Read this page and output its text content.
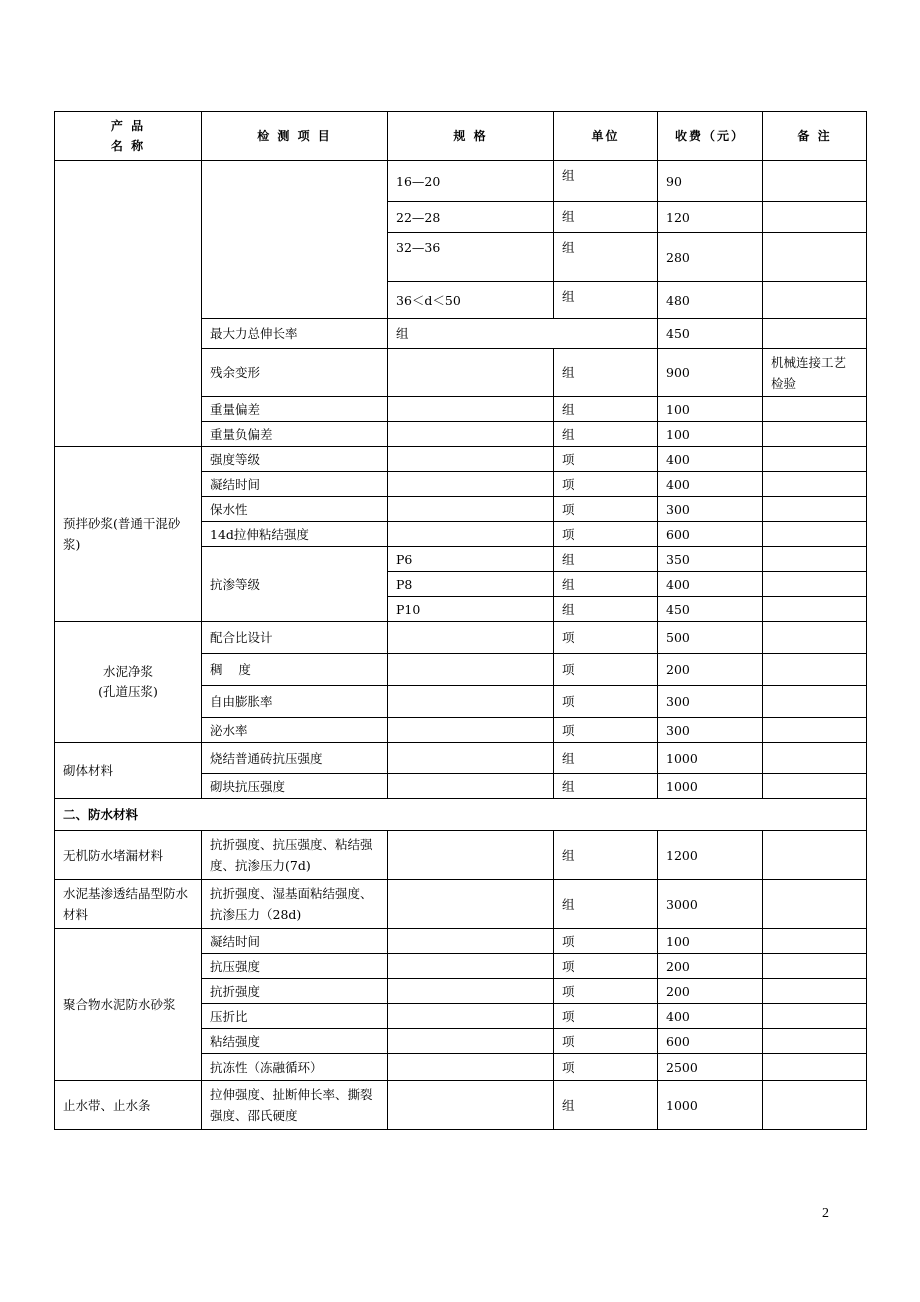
产 品
名 称	检 测 项 目	规 格	单位	收费（元）	备 注
		16—20	组	90	
		22—28	组	120	
		32—36	组	280	
		36＜d＜50	组	480	
	最大力总伸长率	组		450	
	残余变形		组	900	机械连接工艺检验
	重量偏差		组	100	
	重量负偏差		组	100	
预拌砂浆(普通干混砂浆)	强度等级		项	400	
	凝结时间		项	400	
	保水性		项	300	
	14d拉伸粘结强度		项	600	
	抗渗等级	P6	组	350	
		P8	组	400	
		P10	组	450	

水泥净浆
(孔道压浆)	配合比设计		项	500	
	稠    度		项	200	
	自由膨胀率		项	300	
	泌水率		项	300	
砌体材料	烧结普通砖抗压强度		组	1000	
	砌块抗压强度		组	1000	
二、防水材料					
无机防水堵漏材料	抗折强度、抗压强度、粘结强度、抗渗压力(7d)		组	1200	
水泥基渗透结晶型防水材料	抗折强度、湿基面粘结强度、抗渗压力（28d)		组	3000	
聚合物水泥防水砂浆	凝结时间		项	100	
	抗压强度		项	200	
	抗折强度		项	200	
	压折比		项	400	
	粘结强度		项	600	
	抗冻性（冻融循环）		项	2500	
止水带、止水条	拉伸强度、扯断伸长率、撕裂强度、邵氏硬度		组	1000	
2
